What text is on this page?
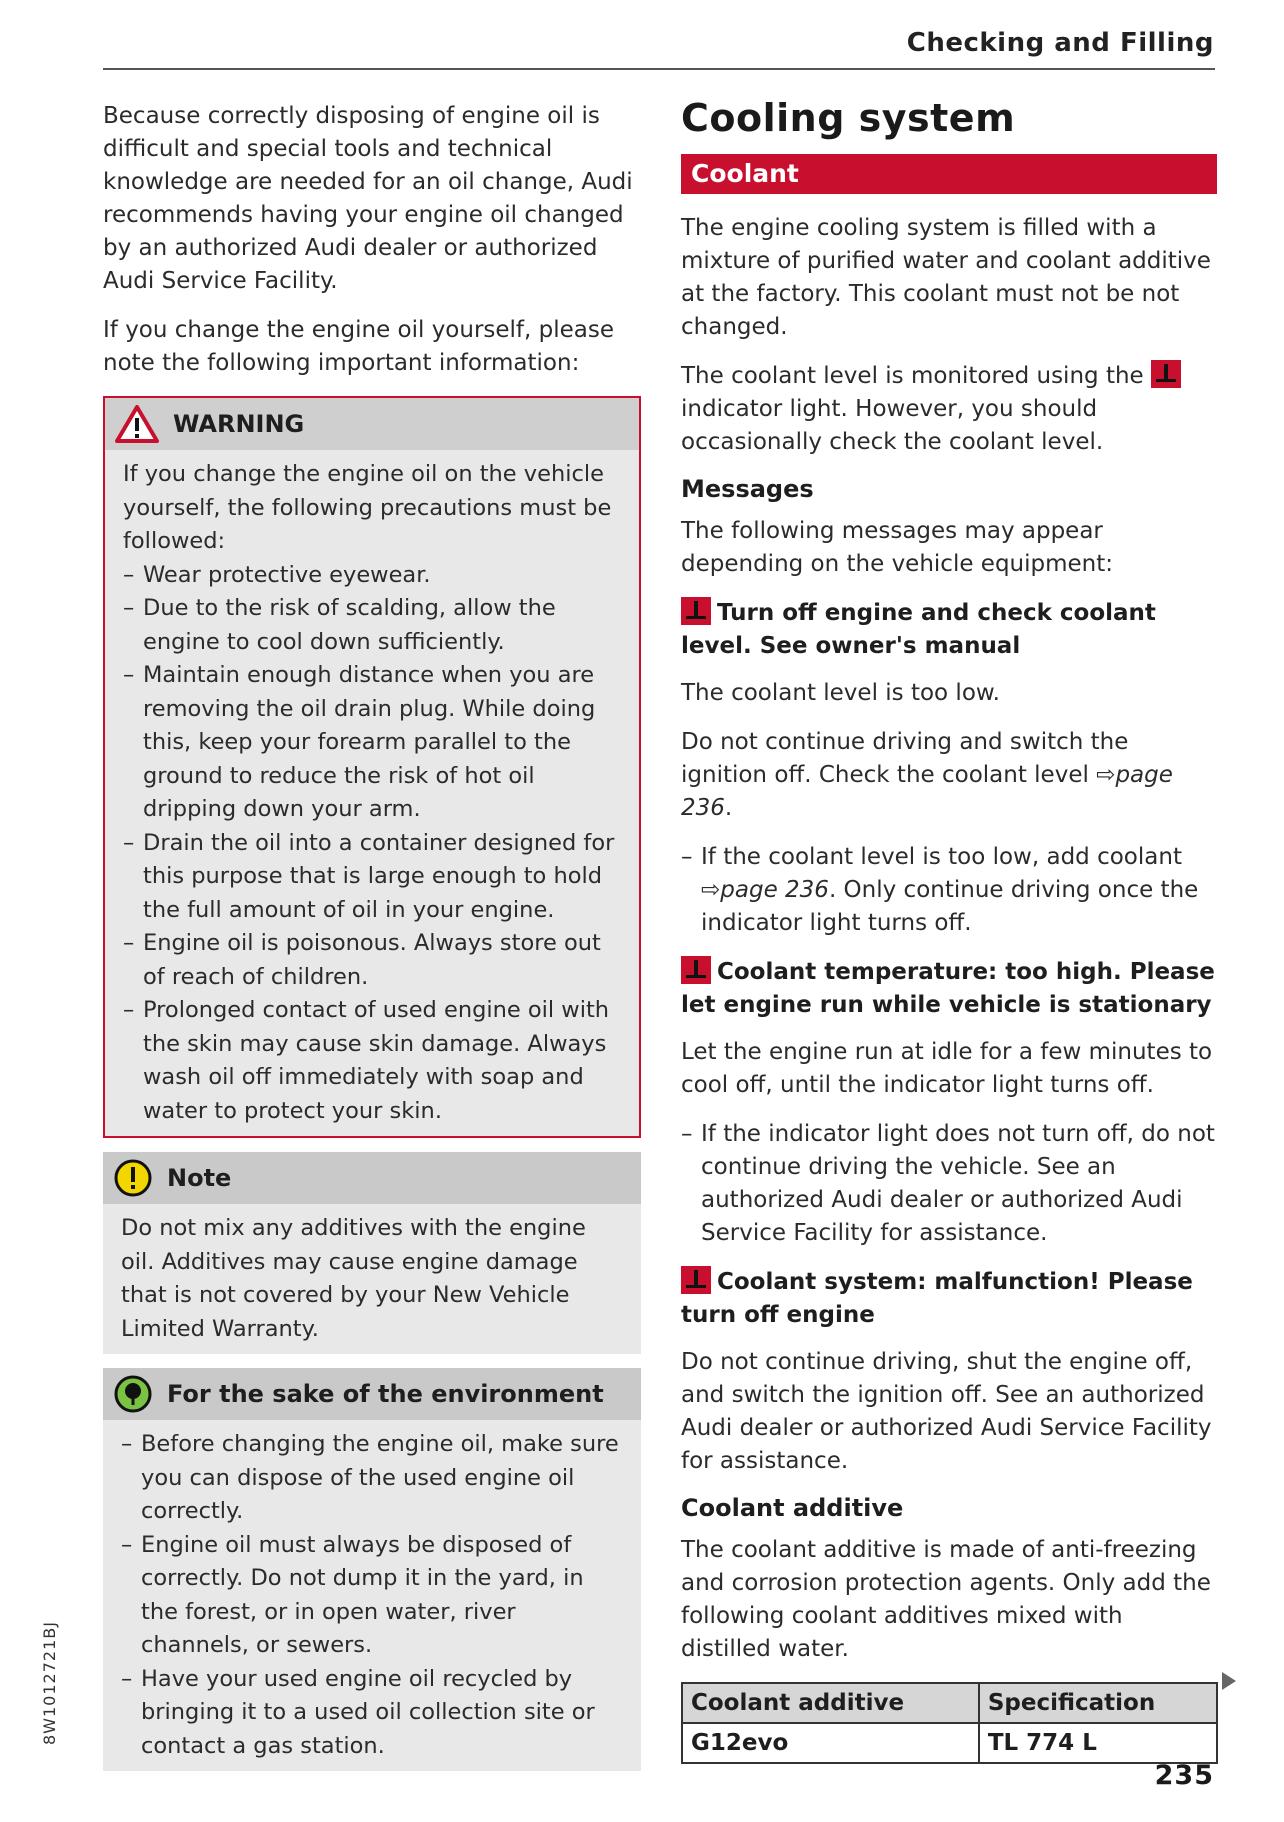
Checking and Filling

Because correctly disposing of engine oil is difficult and special tools and technical knowledge are needed for an oil change, Audi recommends having your engine oil changed by an authorized Audi dealer or authorized Audi Service Facility.

If you change the engine oil yourself, please note the following important information:

WARNING
If you change the engine oil on the vehicle yourself, the following precautions must be followed:
– Wear protective eyewear.
– Due to the risk of scalding, allow the engine to cool down sufficiently.
– Maintain enough distance when you are removing the oil drain plug. While doing this, keep your forearm parallel to the ground to reduce the risk of hot oil dripping down your arm.
– Drain the oil into a container designed for this purpose that is large enough to hold the full amount of oil in your engine.
– Engine oil is poisonous. Always store out of reach of children.
– Prolonged contact of used engine oil with the skin may cause skin damage. Always wash oil off immediately with soap and water to protect your skin.
Note
Do not mix any additives with the engine oil. Additives may cause engine damage that is not covered by your New Vehicle Limited Warranty.
For the sake of the environment
– Before changing the engine oil, make sure you can dispose of the used engine oil correctly.
– Engine oil must always be disposed of correctly. Do not dump it in the yard, in the forest, or in open water, river channels, or sewers.
– Have your used engine oil recycled by bringing it to a used oil collection site or contact a gas station.
Cooling system
Coolant

The engine cooling system is filled with a mixture of purified water and coolant additive at the factory. This coolant must not be not changed.

The coolant level is monitored using the  indicator light. However, you should occasionally check the coolant level.

Messages

The following messages may appear depending on the vehicle equipment:

Turn off engine and check coolant level. See owner's manual

The coolant level is too low.

Do not continue driving and switch the ignition off. Check the coolant level ⇨page 236.

– If the coolant level is too low, add coolant ⇨page 236. Only continue driving once the indicator light turns off.

Coolant temperature: too high. Please let engine run while vehicle is stationary

Let the engine run at idle for a few minutes to cool off, until the indicator light turns off.

– If the indicator light does not turn off, do not continue driving the vehicle. See an authorized Audi dealer or authorized Audi Service Facility for assistance.

Coolant system: malfunction! Please turn off engine

Do not continue driving, shut the engine off, and switch the ignition off. See an authorized Audi dealer or authorized Audi Service Facility for assistance.

Coolant additive

The coolant additive is made of anti-freezing and corrosion protection agents. Only add the following coolant additives mixed with distilled water.

Coolant additive	Specification
G12evo	TL 774 L
235
8W1012721BJ
